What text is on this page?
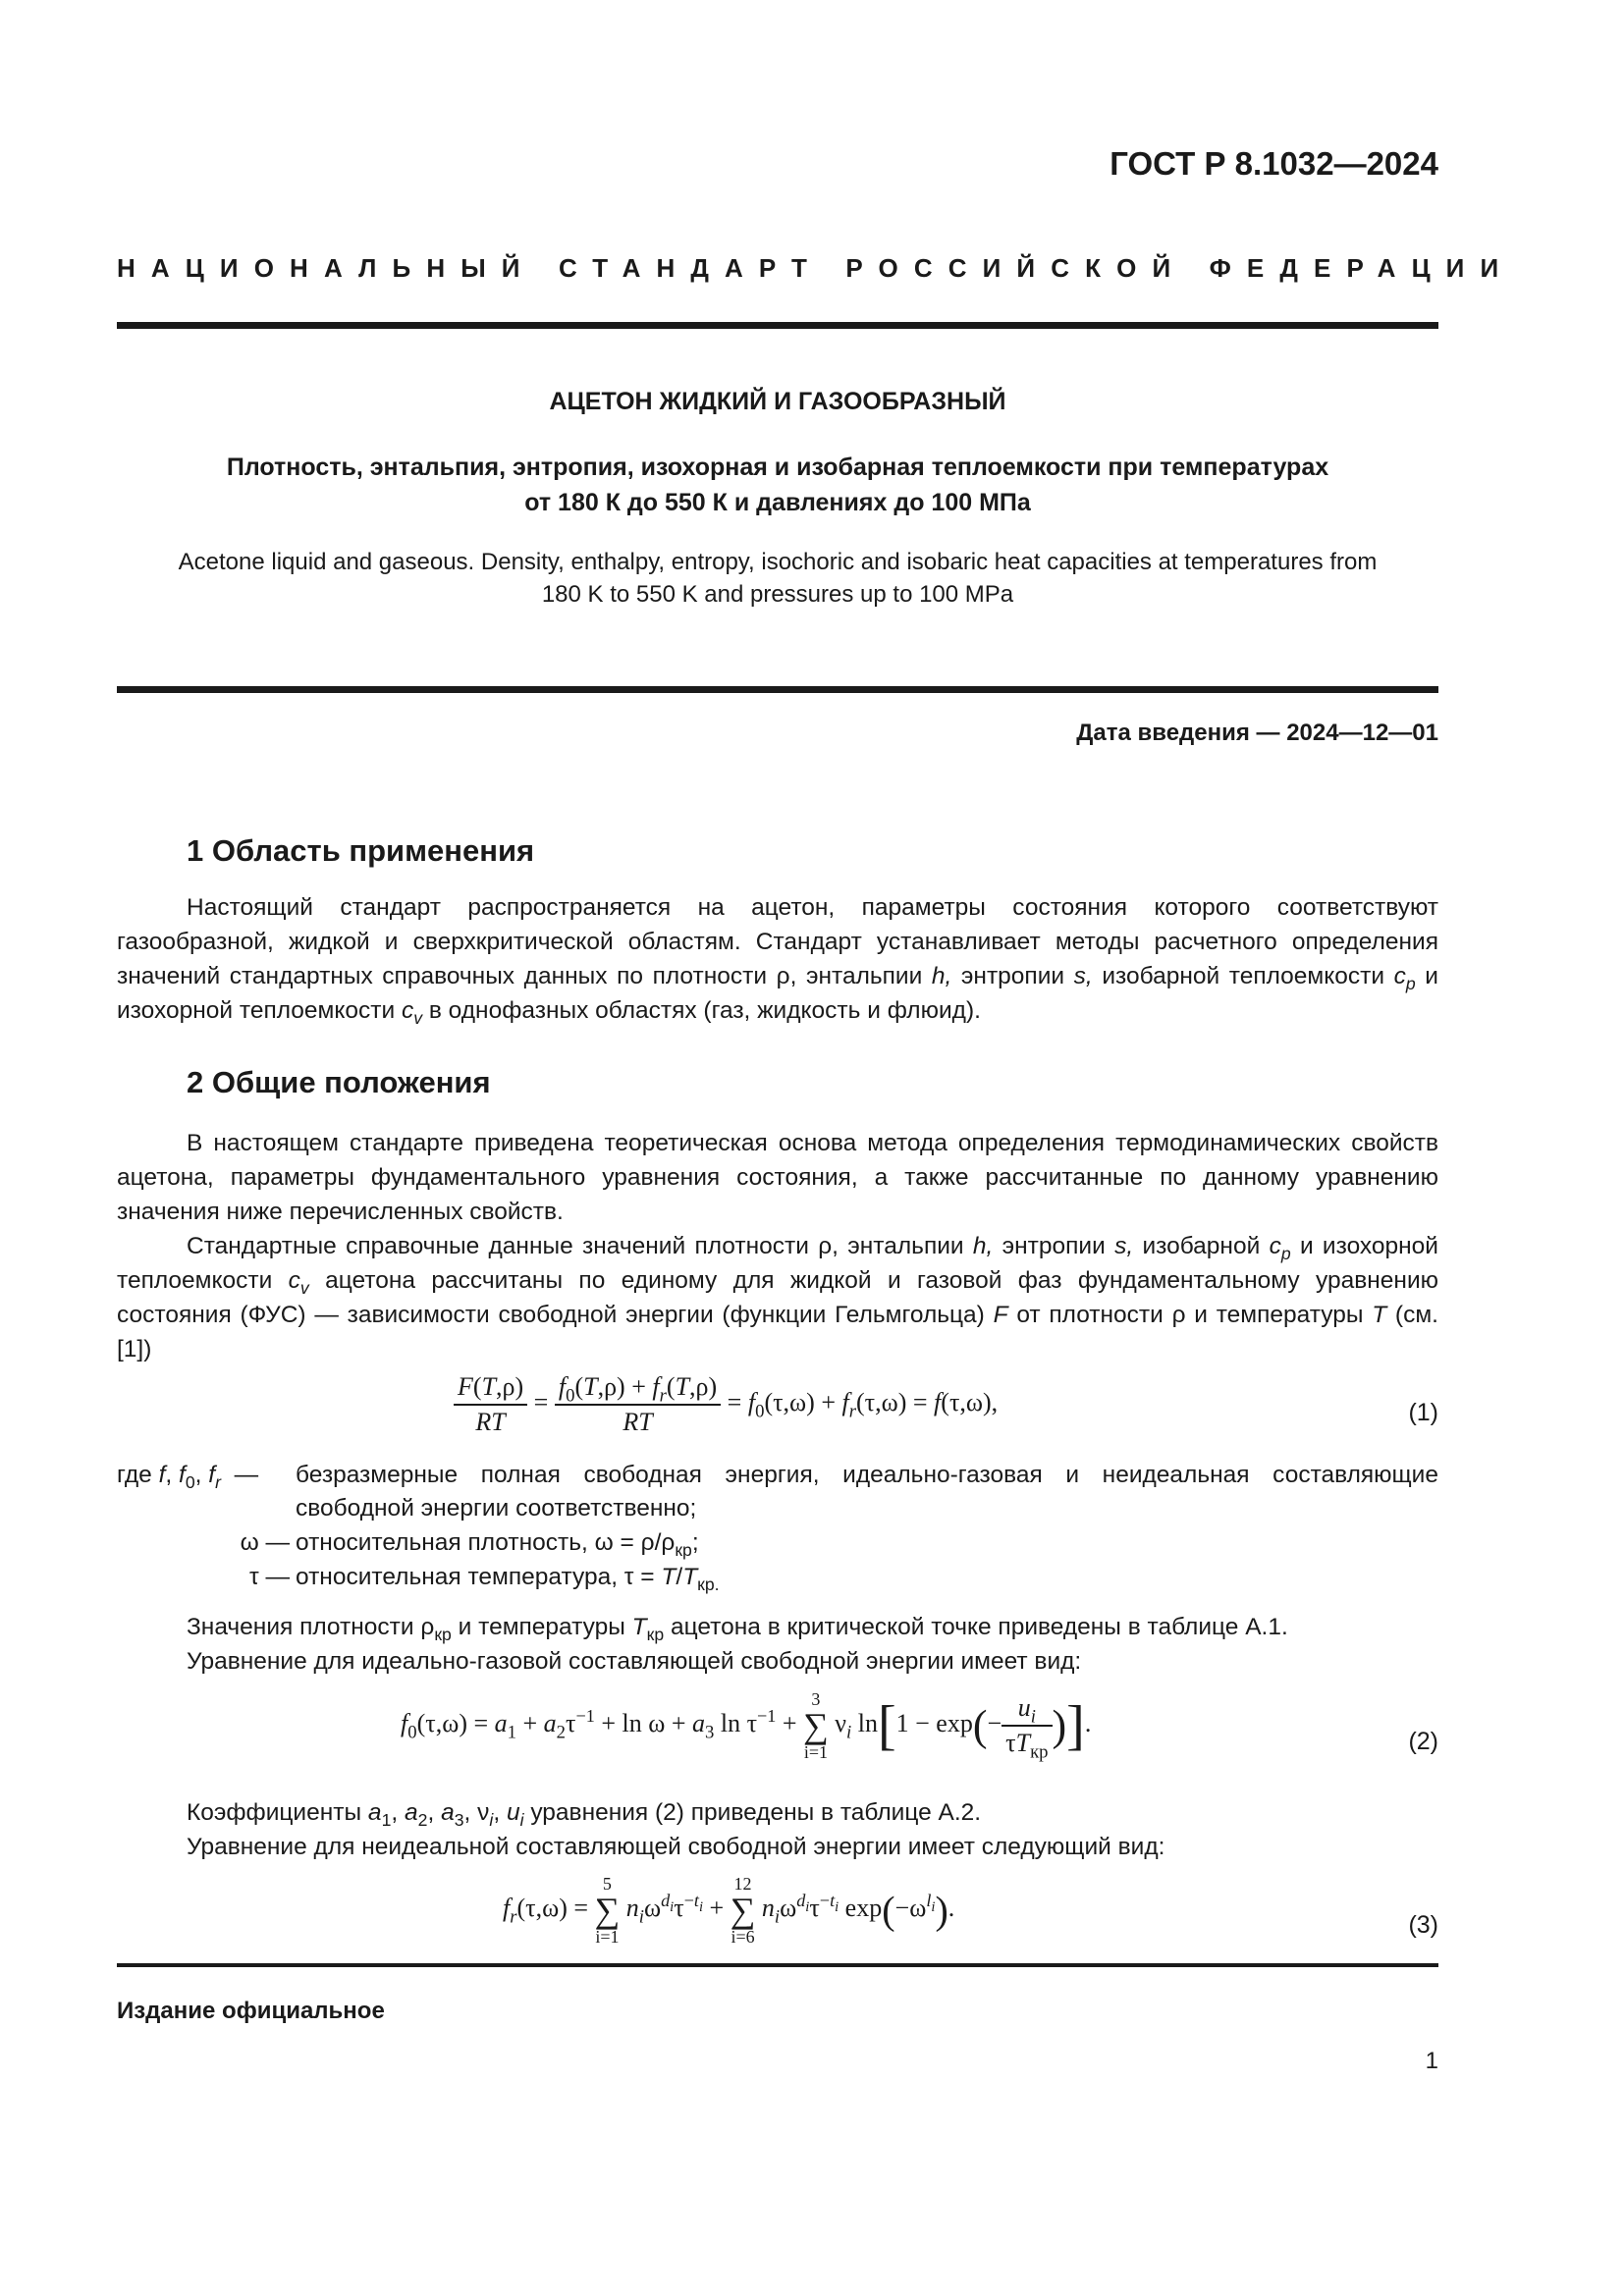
ГОСТ Р 8.1032—2024
НАЦИОНАЛЬНЫЙ СТАНДАРТ РОССИЙСКОЙ ФЕДЕРАЦИИ
АЦЕТОН ЖИДКИЙ И ГАЗООБРАЗНЫЙ
Плотность, энтальпия, энтропия, изохорная и изобарная теплоемкости при температурах
от 180 К до 550 К и давлениях до 100 МПа
Acetone liquid and gaseous. Density, enthalpy, entropy, isochoric and isobaric heat capacities at temperatures from
180 K to 550 K and pressures up to 100 MPa
Дата введения — 2024—12—01
1 Область применения
Настоящий стандарт распространяется на ацетон, параметры состояния которого соответствуют газообразной, жидкой и сверхкритической областям. Стандарт устанавливает методы расчетного определения значений стандартных справочных данных по плотности ρ, энтальпии h, энтропии s, изобарной теплоемкости $c_p$ и изохорной теплоемкости $c_v$ в однофазных областях (газ, жидкость и флюид).
2 Общие положения
В настоящем стандарте приведена теоретическая основа метода определения термодинамических свойств ацетона, параметры фундаментального уравнения состояния, а также рассчитанные по данному уравнению значения ниже перечисленных свойств.
Стандартные справочные данные значений плотности ρ, энтальпии h, энтропии s, изобарной $c_p$ и изохорной теплоемкости $c_v$ ацетона рассчитаны по единому для жидкой и газовой фаз фундаментальному уравнению состояния (ФУС) — зависимости свободной энергии (функции Гельмгольца) F от плотности ρ и температуры T (см. [1])
$\frac{F(T,\rho)}{RT} = \frac{f_0(T,\rho) + f_r(T,\rho)}{RT} = f_0(\tau,\omega) + f_r(\tau,\omega) = f(\tau,\omega)$,	(1)
где f, $f_0$, $f_r$  — безразмерные полная свободная энергия, идеально-газовая и неидеальная составляющие свободной энергии соответственно;
ω — относительная плотность, $\omega = \rho/\rho_{кр}$;
τ — относительная температура, $\tau = T/T_{кр.}$
Значения плотности $\rho_{кр}$ и температуры $T_{кр}$ ацетона в критической точке приведены в таблице А.1.
Уравнение для идеально-газовой составляющей свободной энергии имеет вид:
$f_0(\tau,\omega) = a_1 + a_2\tau^{-1} + \ln \omega + a_3$ $\ln \tau^{-1}$ +
3
∑
i=1
$\nu_i$ $\ln[1 - \exp(- \frac{u_i}{\tau T_{кр}}$ )].
(2)
Коэффициенты $a_1$, $a_2$, $a_3$, $\nu_i$, $u_i$ уравнения (2) приведены в таблице А.2.
Уравнение для неидеальной составляющей свободной энергии имеет следующий вид:
$f_r(\tau,\omega)$ =
5
∑
i=1
$n_i\omega^{d_i}\tau^{-t_i}$ +
12
∑
i=6
$n_i\omega^{d_i}\tau^{-t_i}$ $\exp(-\omega^{l_i})$.
(3)
Издание официальное
1
